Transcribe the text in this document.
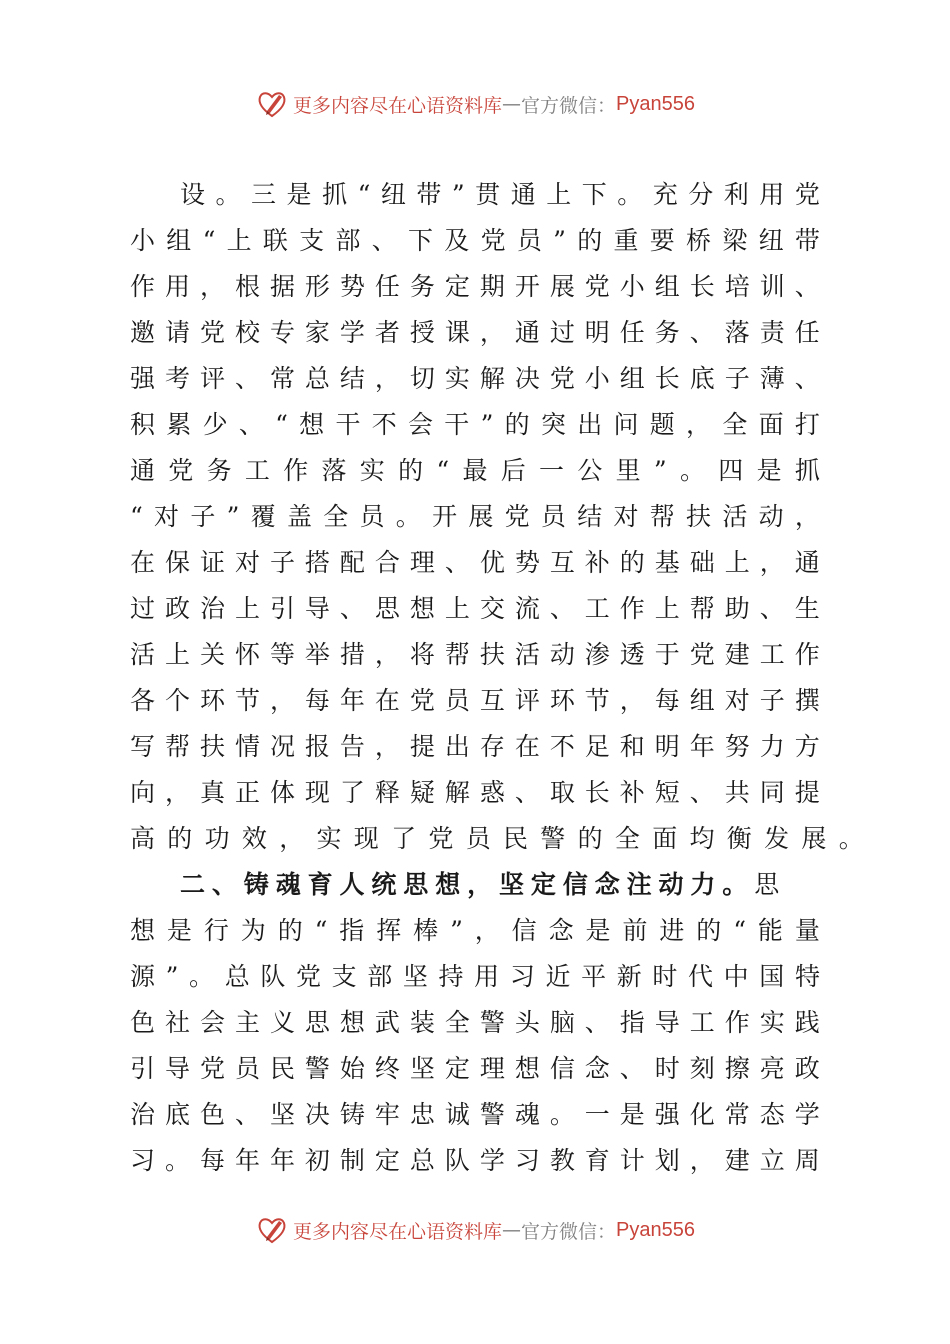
更多内容尽在心语资料库 — 官方微信： Pyan556
设 。 三 是 抓 “ 纽 带 ” 贯 通 上 下 。 充 分 利 用 党
小 组 “ 上 联 支 部 、 下 及 党 员 ” 的 重 要 桥 梁 纽 带
作 用 ， 根 据 形 势 任 务 定 期 开 展 党 小 组 长 培 训 、
邀 请 党 校 专 家 学 者 授 课 ， 通 过 明 任 务 、 落 责 任
强 考 评 、 常 总 结 ， 切 实 解 决 党 小 组 长 底 子 薄 、
积 累 少 、 “ 想 干 不 会 干 ” 的 突 出 问 题 ， 全 面 打
通 党 务 工 作 落 实 的 “ 最 后 一 公 里 ” 。 四 是 抓
“ 对 子 ” 覆 盖 全 员 。 开 展 党 员 结 对 帮 扶 活 动 ，
在 保 证 对 子 搭 配 合 理 、 优 势 互 补 的 基 础 上 ， 通
过 政 治 上 引 导 、 思 想 上 交 流 、 工 作 上 帮 助 、 生
活 上 关 怀 等 举 措 ， 将 帮 扶 活 动 渗 透 于 党 建 工 作
各 个 环 节 ， 每 年 在 党 员 互 评 环 节 ， 每 组 对 子 撰
写 帮 扶 情 况 报 告 ， 提 出 存 在 不 足 和 明 年 努 力 方
向 ， 真 正 体 现 了 释 疑 解 惑 、 取 长 补 短 、 共 同 提
高的功效，实现了党员民警的全面均衡发展。
二、铸魂育人统思想，坚定信念注动力。 思
想 是 行 为 的 “ 指 挥 棒 ” ， 信 念 是 前 进 的 “ 能 量
源 ” 。 总 队 党 支 部 坚 持 用 习 近 平 新 时 代 中 国 特
色 社 会 主 义 思 想 武 装 全 警 头 脑 、 指 导 工 作 实 践
引 导 党 员 民 警 始 终 坚 定 理 想 信 念 、 时 刻 擦 亮 政
治 底 色 、 坚 决 铸 牢 忠 诚 警 魂 。 一 是 强 化 常 态 学
习 。 每 年 年 初 制 定 总 队 学 习 教 育 计 划 ， 建 立 周
更多内容尽在心语资料库 — 官方微信： Pyan556
